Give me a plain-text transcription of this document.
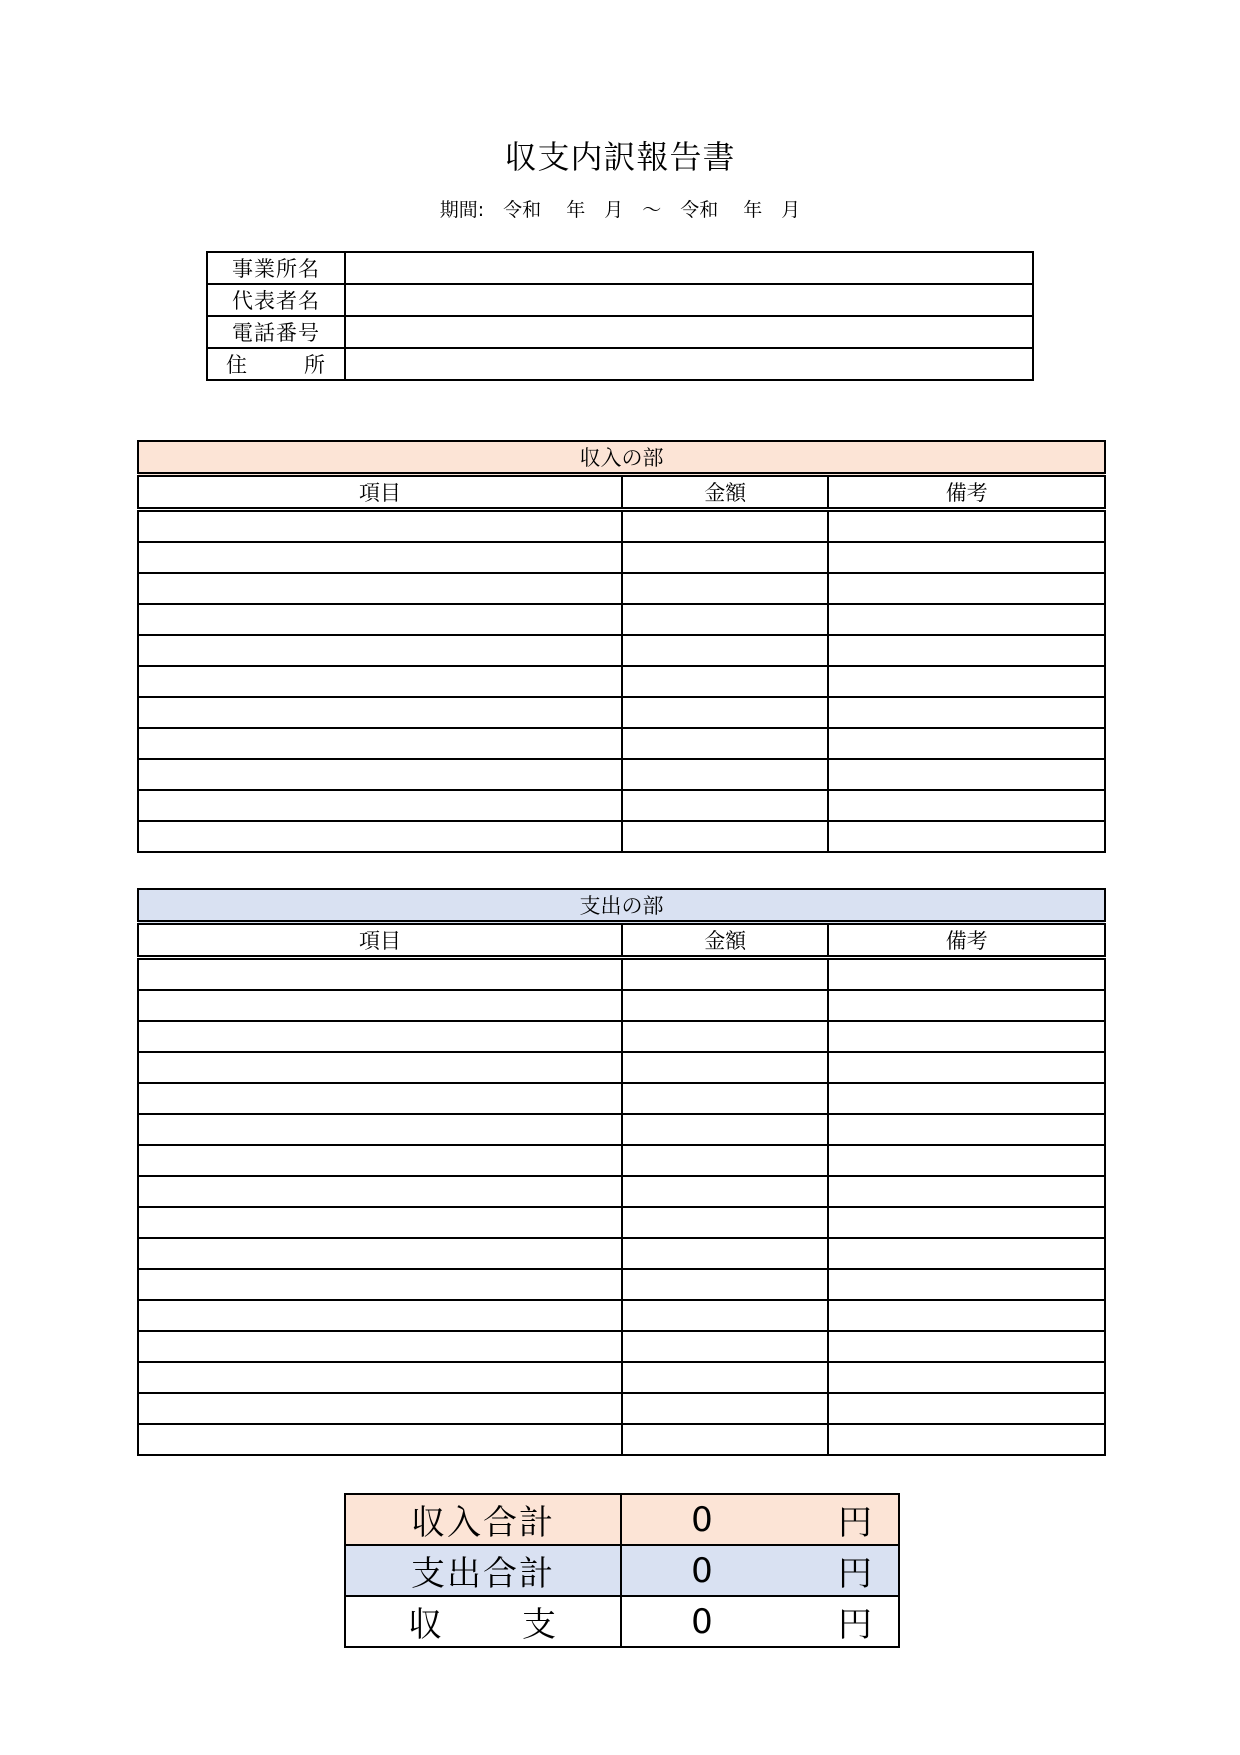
収支内訳報告書
期間:　令和　 年　月　～　令和　 年　月
事業所名	
代表者名	
電話番号	
住　所	
収入の部		
項目	金額	備考

支出の部		
項目	金額	備考

収入合計	0	円
支出合計	0	円
収　支	0	円
